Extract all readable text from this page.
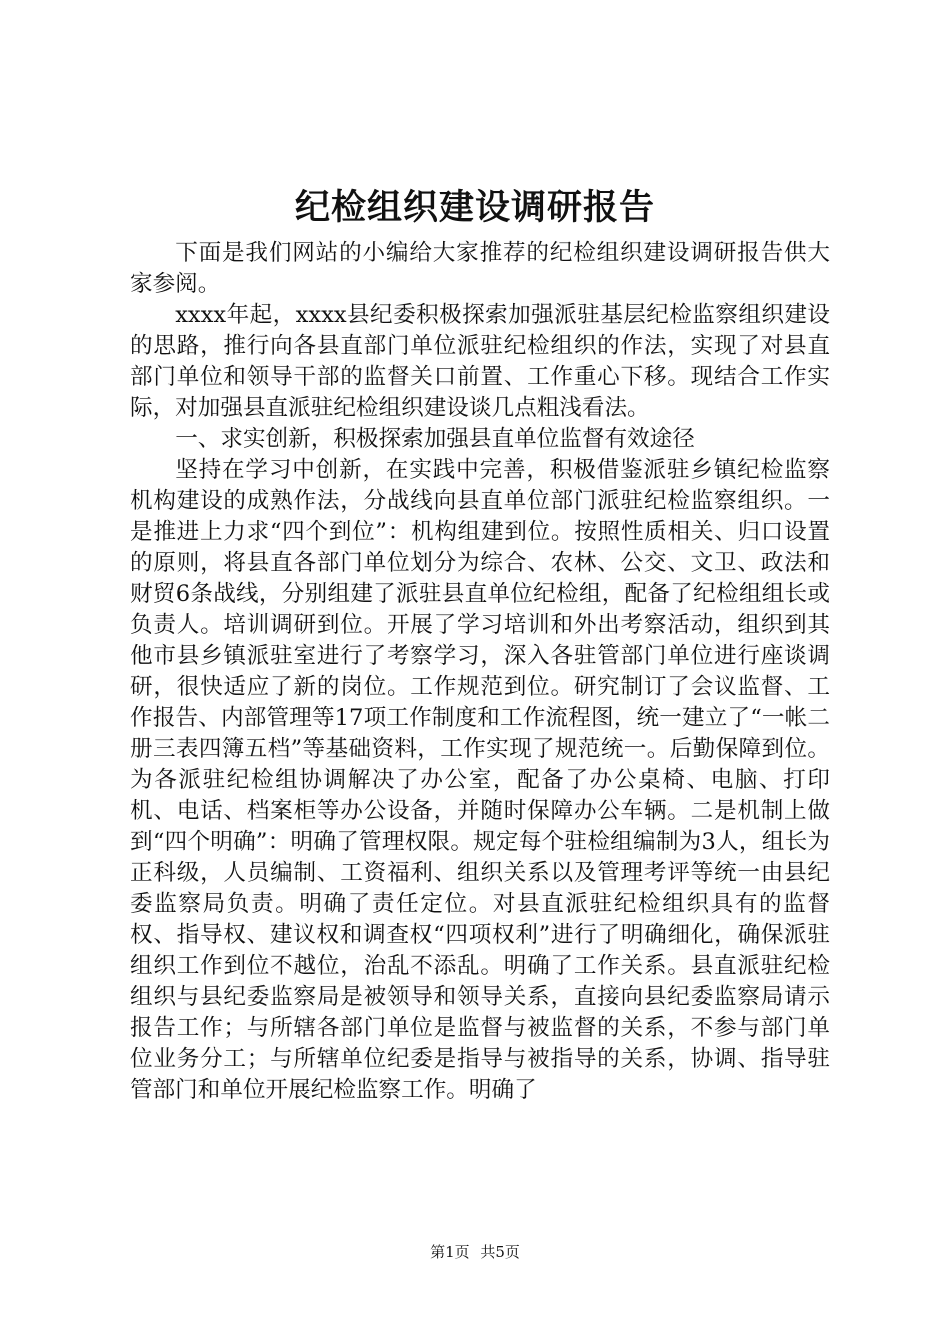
纪检组织建设调研报告

下面是我们网站的小编给大家推荐的纪检组织建设调研报告供大家参阅。

xxxx年起，xxxx县纪委积极探索加强派驻基层纪检监察组织建设的思路，推行向各县直部门单位派驻纪检组织的作法，实现了对县直部门单位和领导干部的监督关口前置、工作重心下移。现结合工作实际，对加强县直派驻纪检组织建设谈几点粗浅看法。

一、求实创新，积极探索加强县直单位监督有效途径

坚持在学习中创新，在实践中完善，积极借鉴派驻乡镇纪检监察机构建设的成熟作法，分战线向县直单位部门派驻纪检监察组织。一是推进上力求“四个到位”：机构组建到位。按照性质相关、归口设置的原则，将县直各部门单位划分为综合、农林、公交、文卫、政法和财贸6条战线，分别组建了派驻县直单位纪检组，配备了纪检组组长或负责人。培训调研到位。开展了学习培训和外出考察活动，组织到其他市县乡镇派驻室进行了考察学习，深入各驻管部门单位进行座谈调研，很快适应了新的岗位。工作规范到位。研究制订了会议监督、工作报告、内部管理等17项工作制度和工作流程图，统一建立了“一帐二册三表四簿五档”等基础资料，工作实现了规范统一。后勤保障到位。为各派驻纪检组协调解决了办公室，配备了办公桌椅、电脑、打印机、电话、档案柜等办公设备，并随时保障办公车辆。二是机制上做到“四个明确”：明确了管理权限。规定每个驻检组编制为3人，组长为正科级，人员编制、工资福利、组织关系以及管理考评等统一由县纪委监察局负责。明确了责任定位。对县直派驻纪检组织具有的监督权、指导权、建议权和调查权“四项权利”进行了明确细化，确保派驻组织工作到位不越位，治乱不添乱。明确了工作关系。县直派驻纪检组织与县纪委监察局是被领导和领导关系，直接向县纪委监察局请示报告工作；与所辖各部门单位是监督与被监督的关系，不参与部门单位业务分工；与所辖单位纪委是指导与被指导的关系，协调、指导驻管部门和单位开展纪检监察工作。明确了

第1页 共5页
